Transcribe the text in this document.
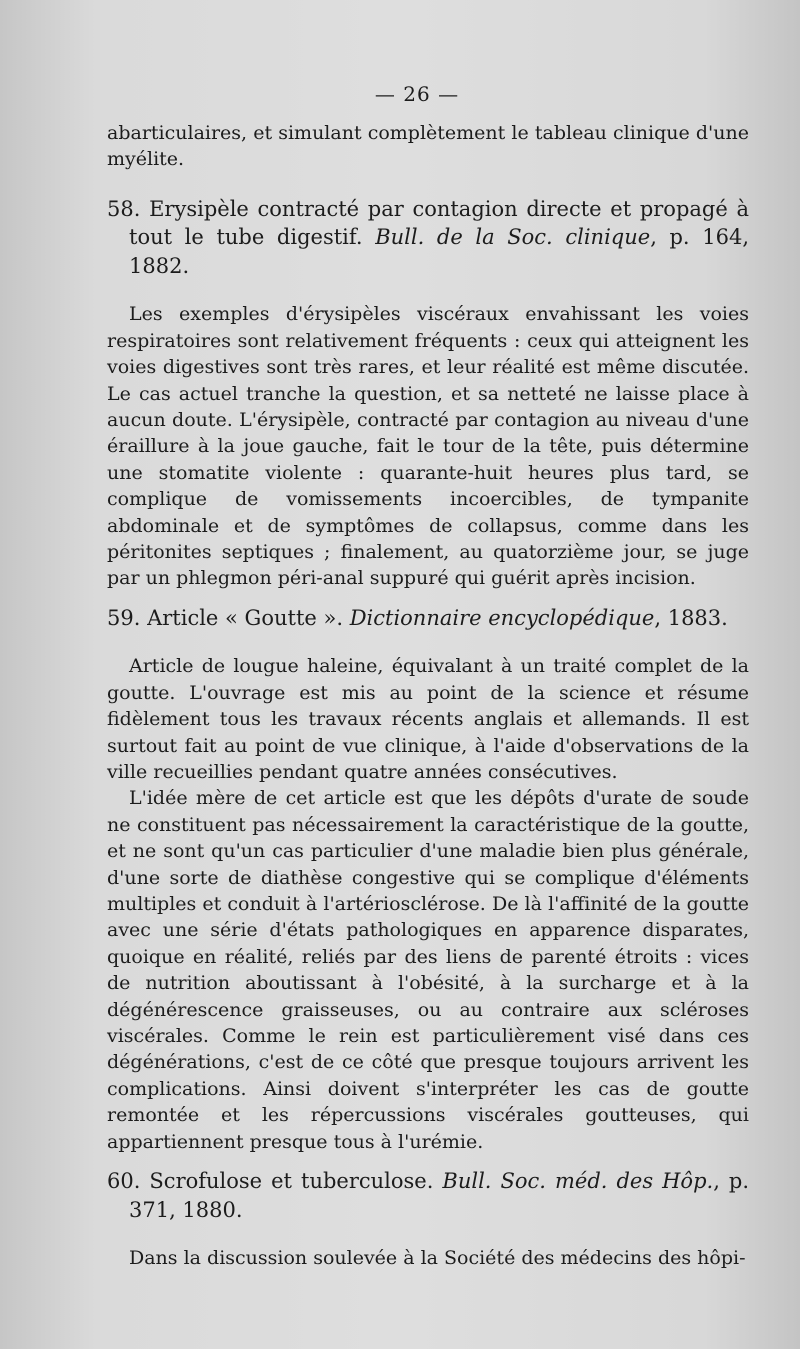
— 26 —

abarticulaires, et simulant complètement le tableau clinique d'une myélite.

58. Erysipèle contracté par contagion directe et propagé à tout le tube digestif. Bull. de la Soc. clinique, p. 164, 1882.

Les exemples d'érysipèles viscéraux envahissant les voies respiratoires sont relativement fréquents : ceux qui atteignent les voies digestives sont très rares, et leur réalité est même discutée. Le cas actuel tranche la question, et sa netteté ne laisse place à aucun doute. L'érysipèle, contracté par contagion au niveau d'une éraillure à la joue gauche, fait le tour de la tête, puis détermine une stomatite violente : quarante-huit heures plus tard, se complique de vomissements incoercibles, de tympanite abdominale et de symptômes de collapsus, comme dans les péritonites septiques ; finalement, au quatorzième jour, se juge par un phlegmon péri-anal suppuré qui guérit après incision.

59. Article « Goutte ». Dictionnaire encyclopédique, 1883.

Article de lougue haleine, équivalant à un traité complet de la goutte. L'ouvrage est mis au point de la science et résume fidèlement tous les travaux récents anglais et allemands. Il est surtout fait au point de vue clinique, à l'aide d'observations de la ville recueillies pendant quatre années consécutives.

L'idée mère de cet article est que les dépôts d'urate de soude ne constituent pas nécessairement la caractéristique de la goutte, et ne sont qu'un cas particulier d'une maladie bien plus générale, d'une sorte de diathèse congestive qui se complique d'éléments multiples et conduit à l'artériosclérose. De là l'affinité de la goutte avec une série d'états pathologiques en apparence disparates, quoique en réalité, reliés par des liens de parenté étroits : vices de nutrition aboutissant à l'obésité, à la surcharge et à la dégénérescence graisseuses, ou au contraire aux scléroses viscérales. Comme le rein est particulièrement visé dans ces dégénérations, c'est de ce côté que presque toujours arrivent les complications. Ainsi doivent s'interpréter les cas de goutte remontée et les répercussions viscérales goutteuses, qui appartiennent presque tous à l'urémie.

60. Scrofulose et tuberculose. Bull. Soc. méd. des Hôp., p. 371, 1880.

Dans la discussion soulevée à la Société des médecins des hôpi-
